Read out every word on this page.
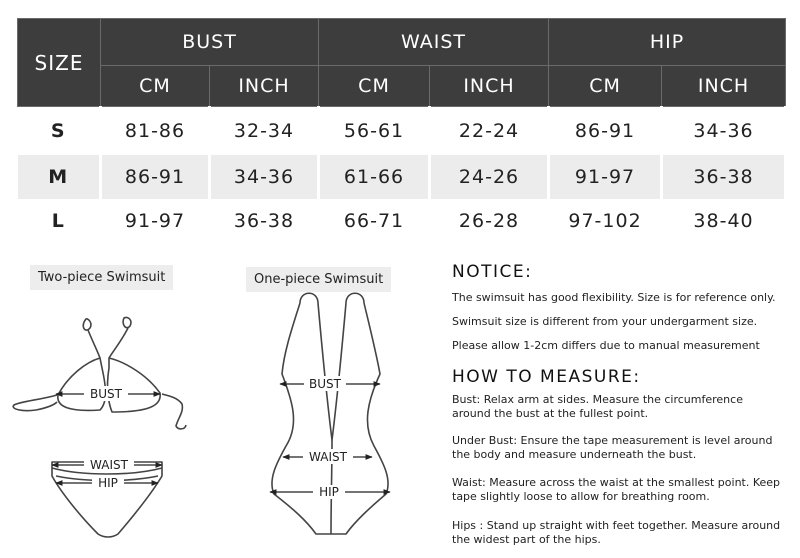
SIZE	BUST		WAIST		HIP	
	CM	INCH	CM	INCH	CM	INCH
S	81-86	32-34	56-61	22-24	86-91	34-36
M	86-91	34-36	61-66	24-26	91-97	36-38
L	91-97	36-38	66-71	26-28	97-102	38-40
Two-piece Swimsuit	One-piece Swimsuit
BUST
WAIST
HIP
BUST
WAIST
HIP
NOTICE:

The swimsuit has good flexibility. Size is for reference only.

Swimsuit size is different from your undergarment size.

Please allow 1-2cm differs due to manual measurement

HOW TO MEASURE:

Bust: Relax arm at sides. Measure the circumference around the bust at the fullest point.

Under Bust: Ensure the tape measurement is level around the body and measure underneath the bust.

Waist: Measure across the waist at the smallest point. Keep tape slightly loose to allow for breathing room.

Hips : Stand up straight with feet together. Measure around the widest part of the hips.
